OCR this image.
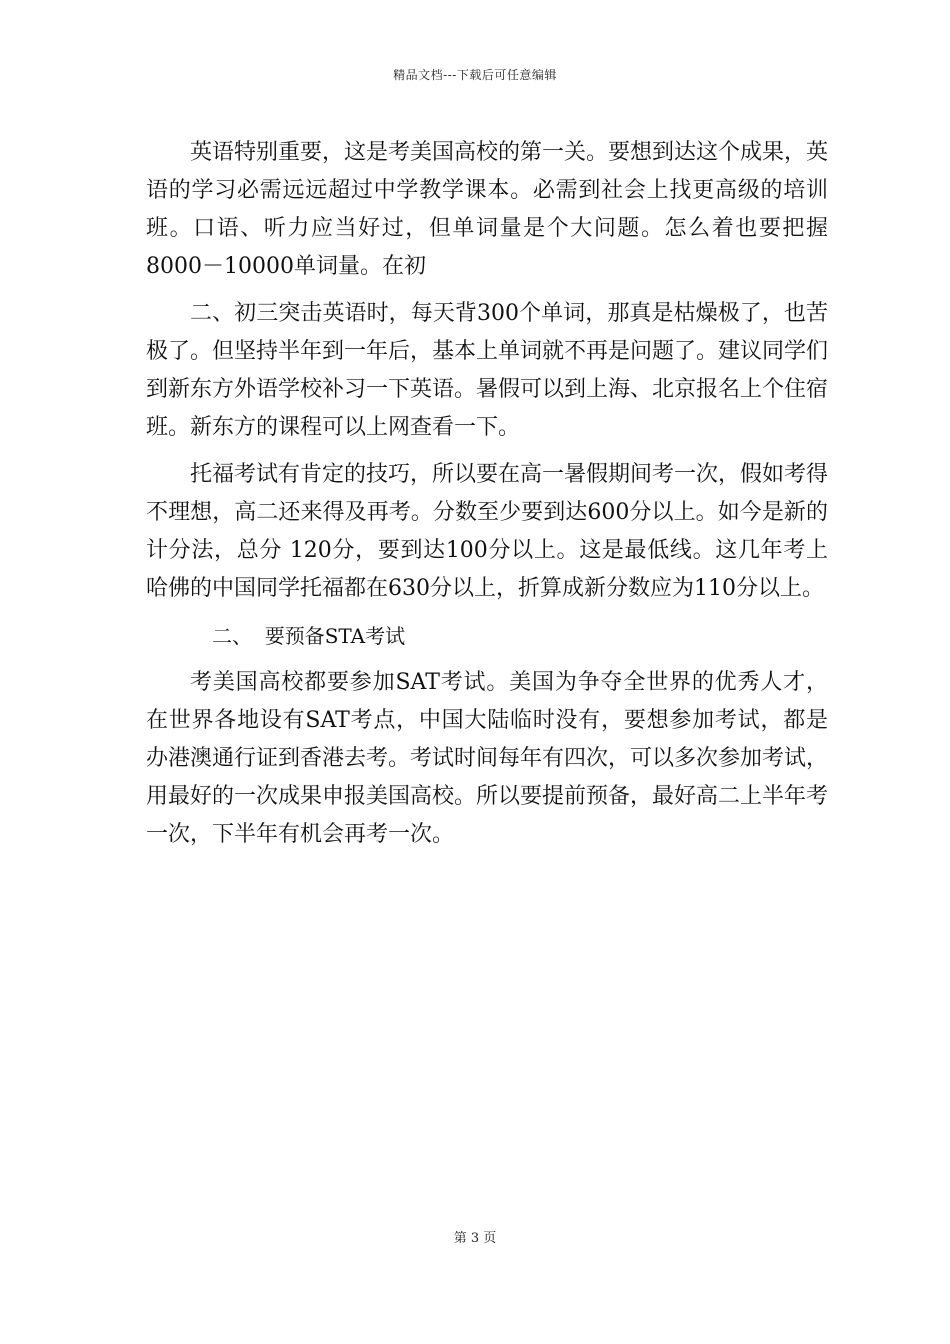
精品文档---下载后可任意编辑

英语特别重要，这是考美国高校的第一关。要想到达这个成果，英语的学习必需远远超过中学教学课本。必需到社会上找更高级的培训班。口语、听力应当好过，但单词量是个大问题。怎么着也要把握8000－10000单词量。在初

二、初三突击英语时，每天背300个单词，那真是枯燥极了，也苦极了。但坚持半年到一年后，基本上单词就不再是问题了。建议同学们到新东方外语学校补习一下英语。暑假可以到上海、北京报名上个住宿班。新东方的课程可以上网查看一下。

托福考试有肯定的技巧，所以要在高一暑假期间考一次，假如考得不理想，高二还来得及再考。分数至少要到达600分以上。如今是新的计分法，总分 120分，要到达100分以上。这是最低线。这几年考上哈佛的中国同学托福都在630分以上，折算成新分数应为110分以上。

二、  要预备STA考试

考美国高校都要参加SAT考试。美国为争夺全世界的优秀人才，在世界各地设有SAT考点，中国大陆临时没有，要想参加考试，都是办港澳通行证到香港去考。考试时间每年有四次，可以多次参加考试，用最好的一次成果申报美国高校。所以要提前预备，最好高二上半年考一次，下半年有机会再考一次。

第 3 页
